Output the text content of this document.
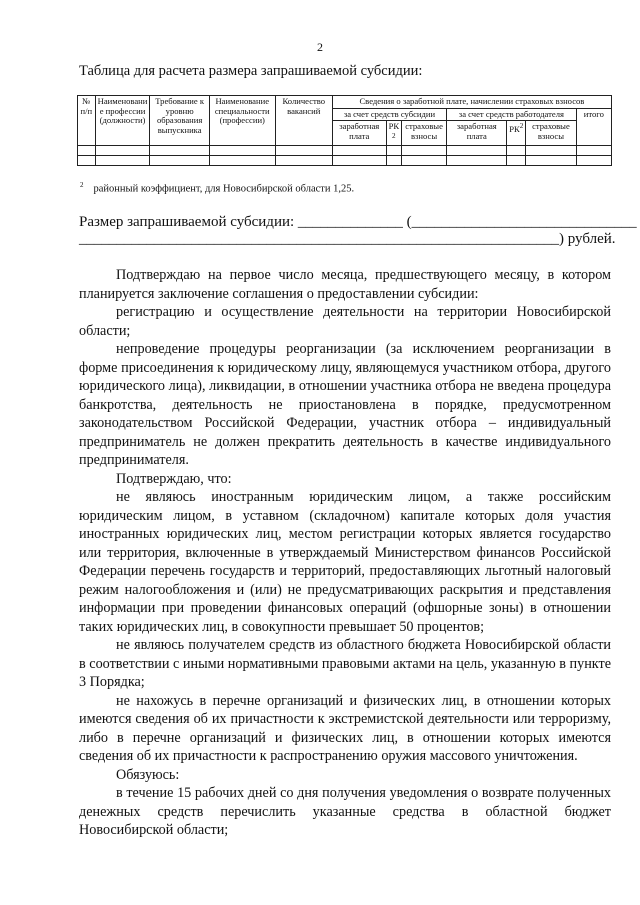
2
Таблица для расчета размера запрашиваемой субсидии:
№ п/п	Наименование профессии (должности)	Требование к уровню образования выпускника	Наименование специальности (профессии)	Количество вакансий	Сведения о заработной плате, начислении страховых взносов						
					за счет средств субсидии			за счет средств работодателя			итого
					заработная плата	$РК^2$	страховые взносы	заработная плата	$РК^2$	страховые взносы	

$^2$ районный коэффициент, для Новосибирской области 1,25.
Размер запрашиваемой субсидии: ______________ (______________________________
________________________________________________________________) рублей.

Подтверждаю на первое число месяца, предшествующего месяцу, в котором планируется заключение соглашения о предоставлении субсидии:

регистрацию и осуществление деятельности на территории Новосибирской области;

непроведение процедуры реорганизации (за исключением реорганизации в форме присоединения к юридическому лицу, являющемуся участником отбора, другого юридического лица), ликвидации, в отношении участника отбора не введена процедура банкротства, деятельность не приостановлена в порядке, предусмотренном законодательством Российской Федерации, участник отбора – индивидуальный предприниматель не должен прекратить деятельность в качестве индивидуального предпринимателя.

Подтверждаю, что:

не являюсь иностранным юридическим лицом, а также российским юридическим лицом, в уставном (складочном) капитале которых доля участия иностранных юридических лиц, местом регистрации которых является государство или территория, включенные в утверждаемый Министерством финансов Российской Федерации перечень государств и территорий, предоставляющих льготный налоговый режим налогообложения и (или) не предусматривающих раскрытия и представления информации при проведении финансовых операций (офшорные зоны) в отношении таких юридических лиц, в совокупности превышает 50 процентов;

не являюсь получателем средств из областного бюджета Новосибирской области в соответствии с иными нормативными правовыми актами на цель, указанную в пункте 3 Порядка;

не нахожусь в перечне организаций и физических лиц, в отношении которых имеются сведения об их причастности к экстремистской деятельности или терроризму, либо в перечне организаций и физических лиц, в отношении которых имеются сведения об их причастности к распространению оружия массового уничтожения.

Обязуюсь:

в течение 15 рабочих дней со дня получения уведомления о возврате полученных денежных средств перечислить указанные средства в областной бюджет Новосибирской области;
